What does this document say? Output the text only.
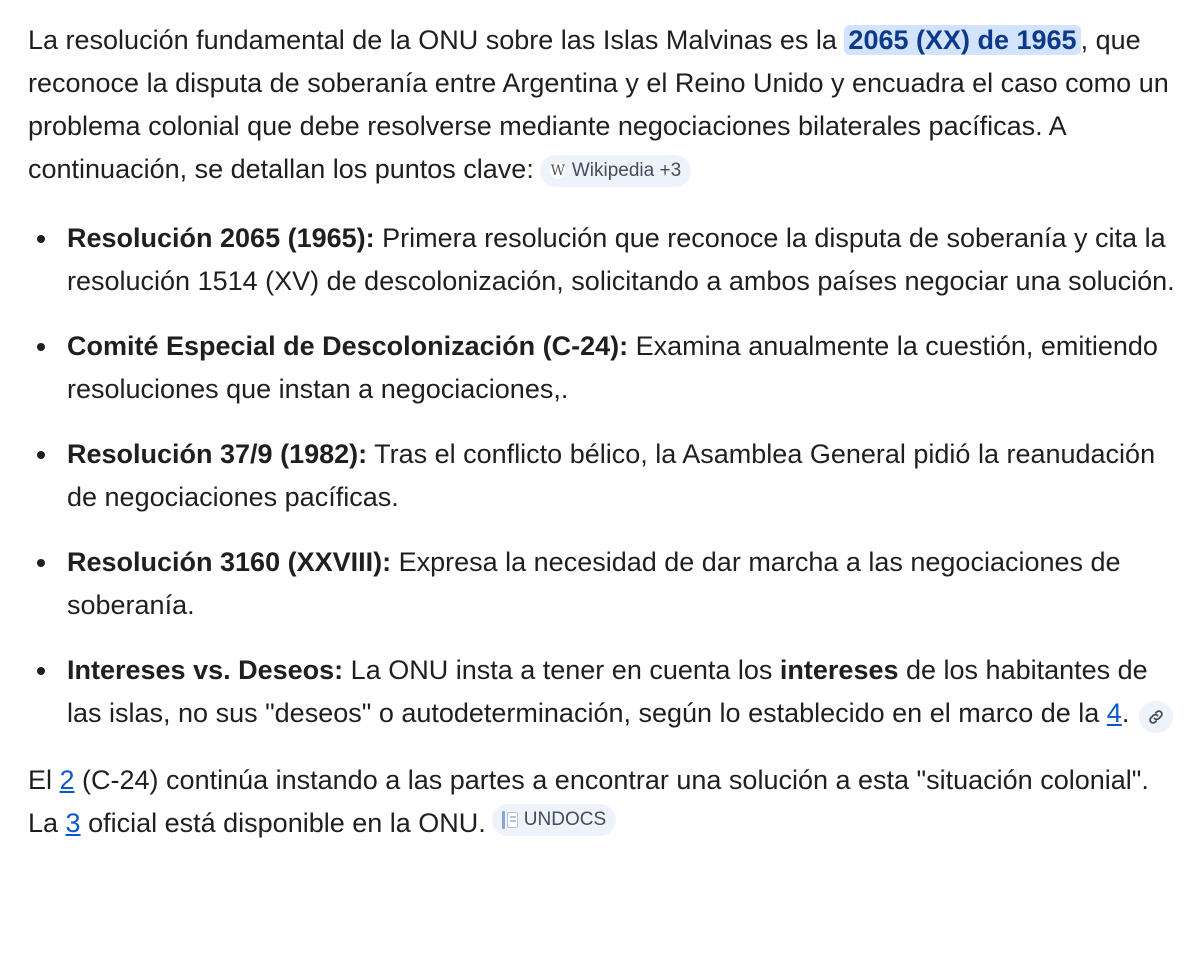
La resolución fundamental de la ONU sobre las Islas Malvinas es la 2065 (XX) de 1965 , que reconoce la disputa de soberanía entre Argentina y el Reino Unido y encuadra el caso como un problema colonial que debe resolverse mediante negociaciones bilaterales pacíficas. A continuación, se detallan los puntos clave: W Wikipedia +3

Resolución 2065 (1965): Primera resolución que reconoce la disputa de soberanía y cita la resolución 1514 (XV) de descolonización, solicitando a ambos países negociar una solución.
Comité Especial de Descolonización (C-24): Examina anualmente la cuestión, emitiendo resoluciones que instan a negociaciones,.
Resolución 37/9 (1982): Tras el conflicto bélico, la Asamblea General pidió la reanudación de negociaciones pacíficas.
Resolución 3160 (XXVIII): Expresa la necesidad de dar marcha a las negociaciones de soberanía.
Intereses vs. Deseos: La ONU insta a tener en cuenta los intereses de los habitantes de las islas, no sus "deseos" o autodeterminación, según lo establecido en el marco de la 4.

El 2 (C-24) continúa instando a las partes a encontrar una solución a esta "situación colonial". La 3 oficial está disponible en la ONU. UNDOCS
